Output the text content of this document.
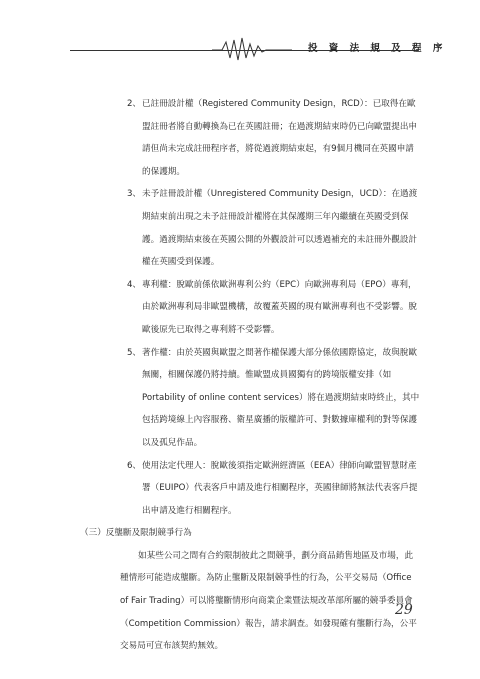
投 資 法 規 及 程 序

2、已註冊設計權（Registered Community Design，RCD）：已取得在歐盟註冊者將自動轉換為已在英國註冊；在過渡期結束時仍已向歐盟提出申請但尚未完成註冊程序者，將從過渡期結束起，有9個月機同在英國申請的保護期。

3、未予註冊設計權（Unregistered Community Design，UCD）：在過渡期結束前出現之未予註冊設計權將在其保護期三年內繼續在英國受到保護。過渡期結束後在英國公開的外觀設計可以透過補充的未註冊外觀設計權在英國受到保護。

4、專利權：脫歐前係依歐洲專利公約（EPC）向歐洲專利局（EPO）專利，由於歐洲專利局非歐盟機構，故覆蓋英國的現有歐洲專利也不受影響。脫歐後原先已取得之專利將不受影響。

5、著作權：由於英國與歐盟之間著作權保護大部分係依國際協定，故與脫歐無關，相關保護仍將持續。惟歐盟成員國獨有的跨境版權安排（如Portability of online content services）將在過渡期結束時終止，其中包括跨境線上內容服務、衛星廣播的版權許可、對數據庫權利的對等保護以及孤兒作品。

6、使用法定代理人：脫歐後須指定歐洲經濟區（EEA）律師向歐盟智慧財產署（EUIPO）代表客戶申請及進行相關程序，英國律師將無法代表客戶提出申請及進行相關程序。

（三）反壟斷及限制競爭行為

如某些公司之間有合約限制彼此之間競爭，劃分商品銷售地區及市場，此種情形可能造成壟斷。為防止壟斷及限制競爭性的行為，公平交易局（Office of Fair Trading）可以將壟斷情形向商業企業暨法規改革部所屬的競爭委員會（Competition Commission）報告，請求調查。如發現確有壟斷行為，公平交易局可宣布該契約無效。

29
